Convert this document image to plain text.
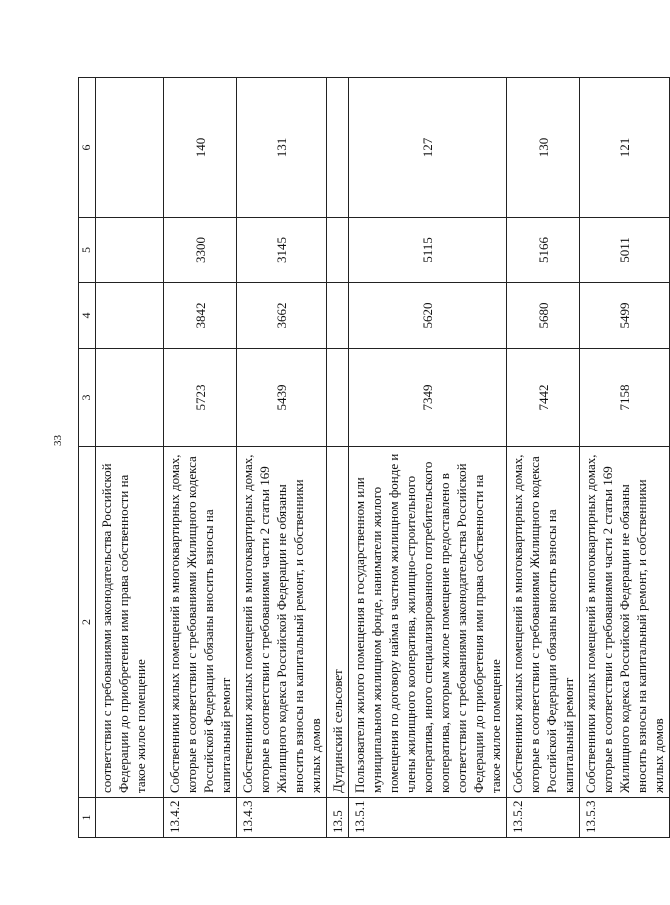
33
1	2	3	4	5	6
	соответствии с требованиями законодательства Российской Федерации до приобретения ими права собственности на такое жилое помещение				
13.4.2	Собственники жилых помещений в многоквартирных домах, которые в соответствии с требованиями Жилищного кодекса Российской Федерации обязаны вносить взносы на капитальный ремонт	5723	3842	3300	140
13.4.3	Собственники жилых помещений в многоквартирных домах, которые в соответствии с требованиями части 2 статьи 169 Жилищного кодекса Российской Федерации не обязаны вносить взносы на капитальный ремонт, и собственники жилых домов	5439	3662	3145	131
13.5	Дугдинский сельсовет				
13.5.1	Пользователи жилого помещения в государственном или муниципальном жилищном фонде, наниматели жилого помещения по договору найма в частном жилищном фонде и члены жилищного кооператива, жилищно-строительного кооператива, иного специализированного потребительского кооператива, которым жилое помещение предоставлено в соответствии с требованиями законодательства Российской Федерации до приобретения ими права собственности на такое жилое помещение	7349	5620	5115	127
13.5.2	Собственники жилых помещений в многоквартирных домах, которые в соответствии с требованиями Жилищного кодекса Российской Федерации обязаны вносить взносы на капитальный ремонт	7442	5680	5166	130
13.5.3	Собственники жилых помещений в многоквартирных домах, которые в соответствии с требованиями части 2 статьи 169 Жилищного кодекса Российской Федерации не обязаны вносить взносы на капитальный ремонт, и собственники жилых домов	7158	5499	5011	121
